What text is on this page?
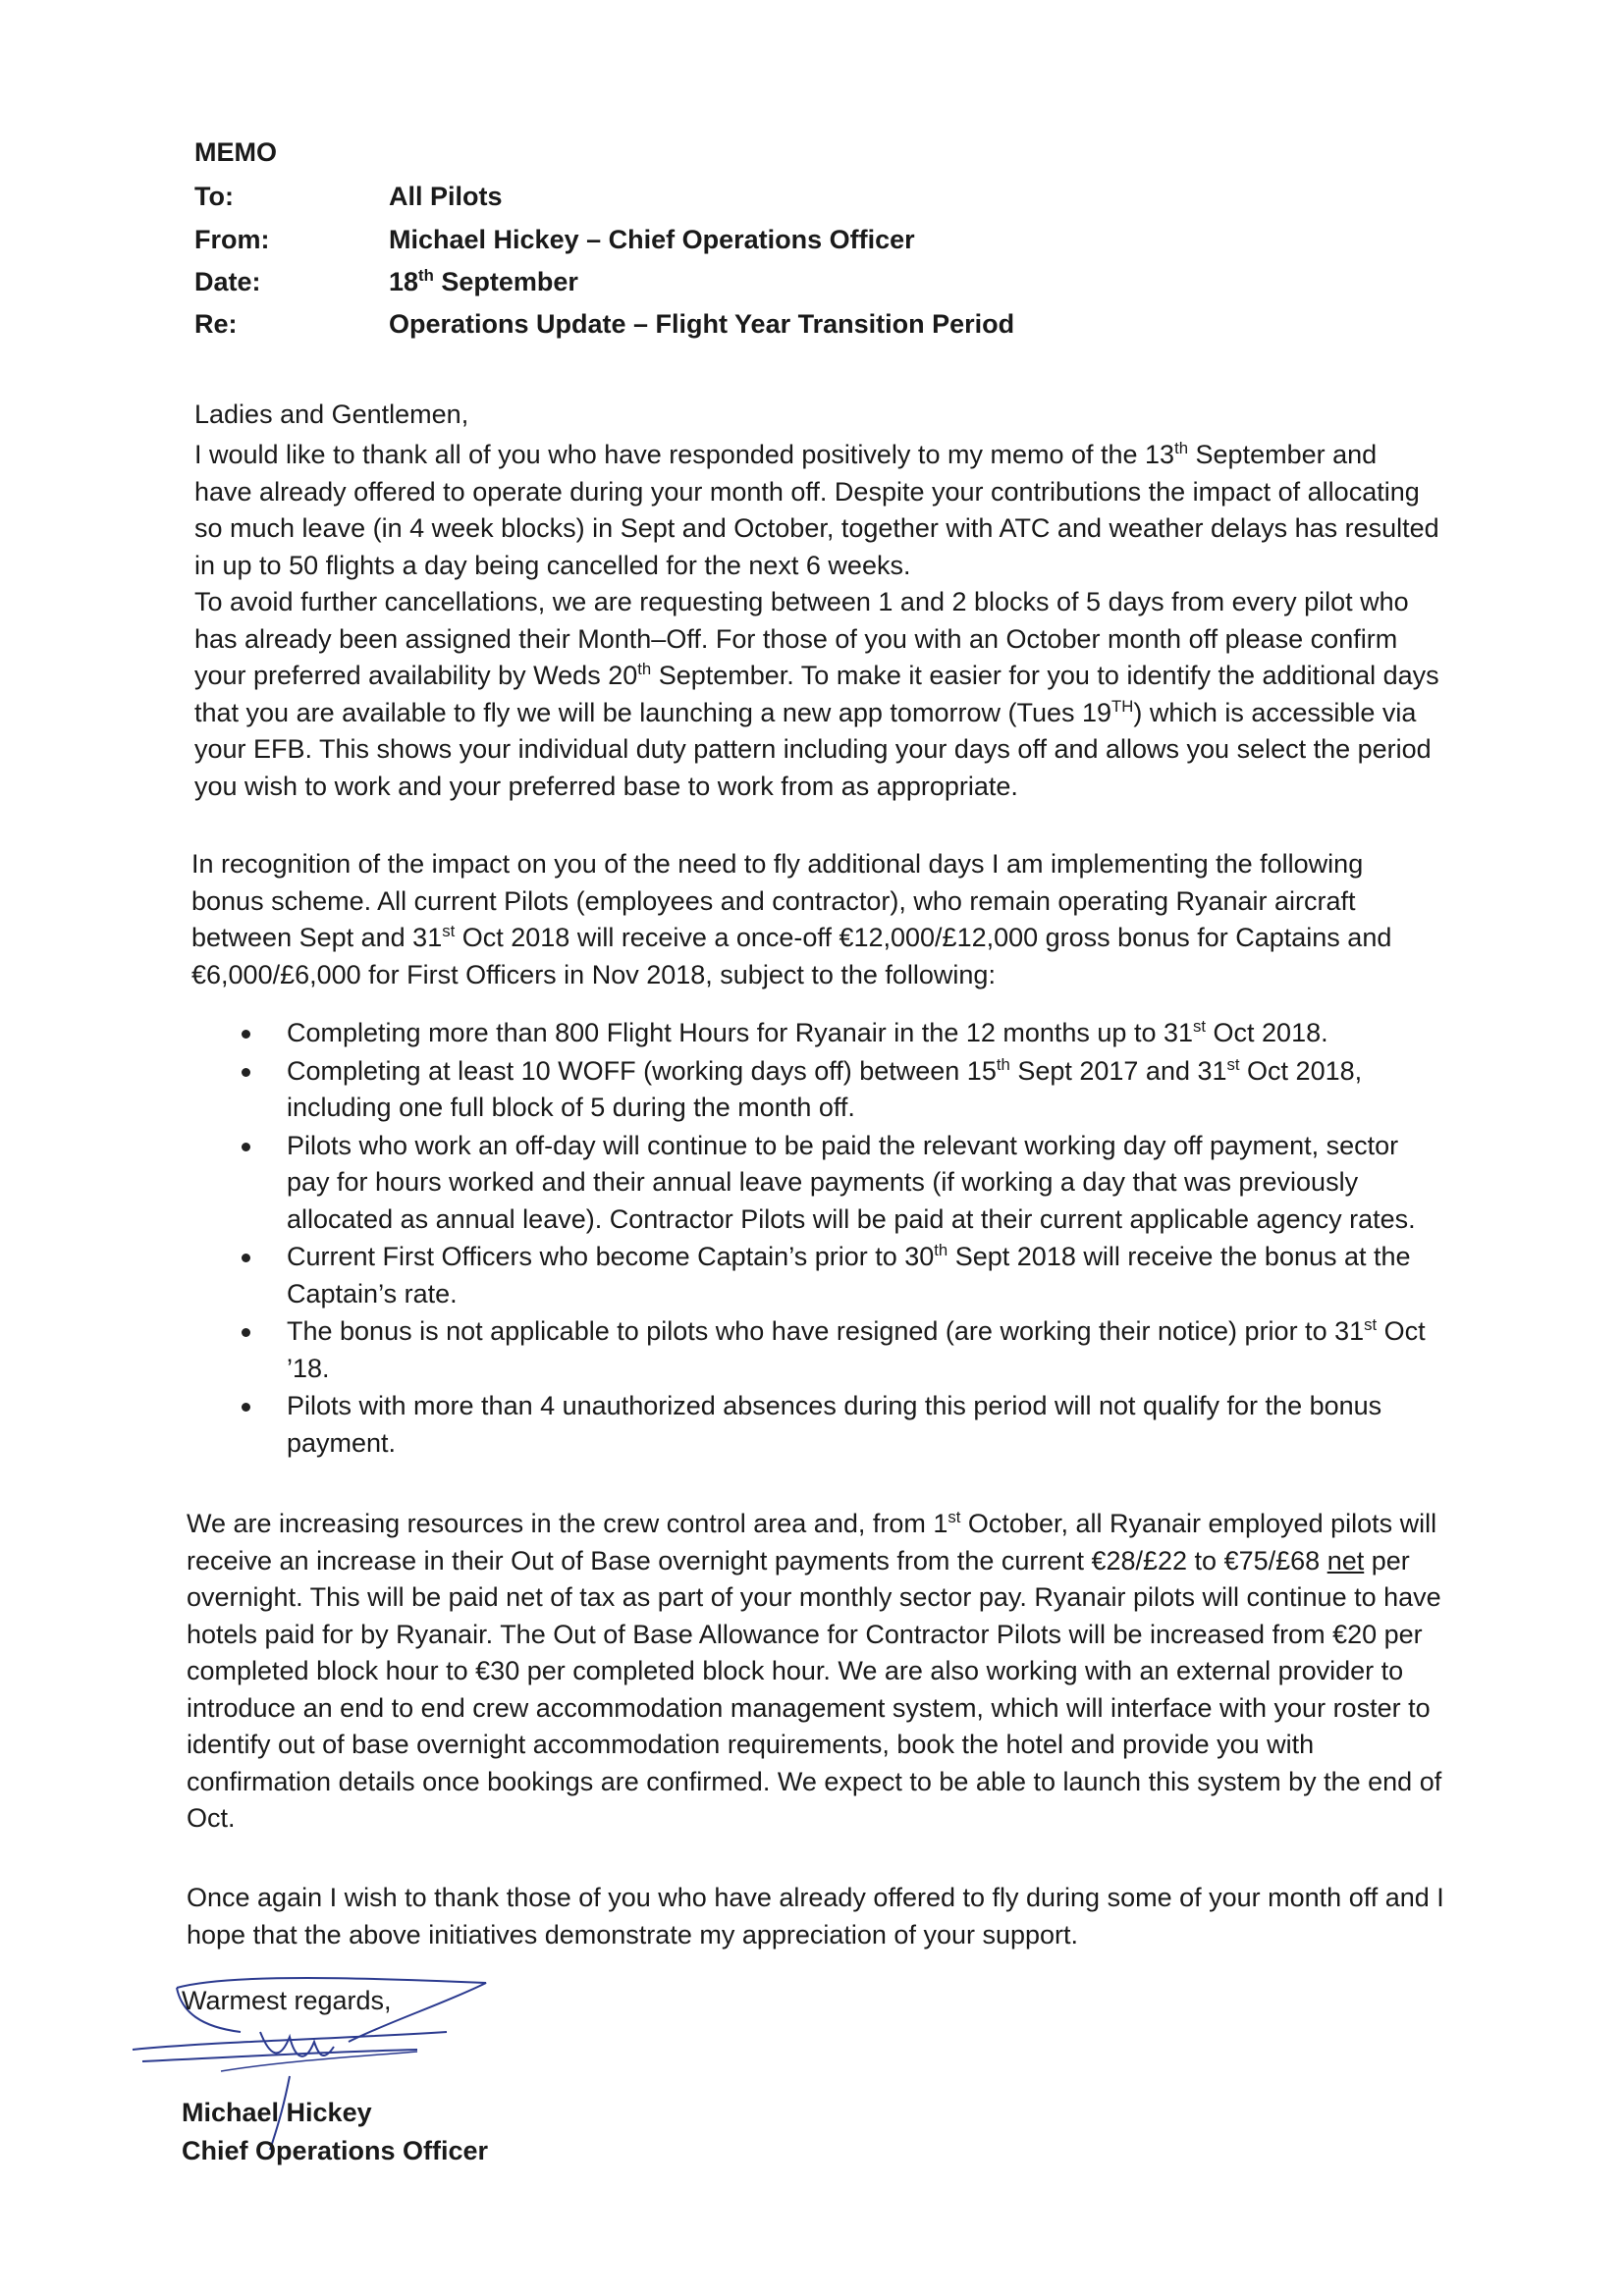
MEMO
To:	All Pilots
From:	Michael Hickey – Chief Operations Officer
Date:	18th September
Re:	Operations Update – Flight Year Transition Period
Ladies and Gentlemen,
I would like to thank all of you who have responded positively to my memo of the 13th September and have already offered to operate during your month off. Despite your contributions the impact of allocating so much leave (in 4 week blocks) in Sept and October, together with ATC and weather delays has resulted in up to 50 flights a day being cancelled for the next 6 weeks.
To avoid further cancellations, we are requesting between 1 and 2 blocks of 5 days from every pilot who has already been assigned their Month–Off. For those of you with an October month off please confirm your preferred availability by Weds 20th September. To make it easier for you to identify the additional days that you are available to fly we will be launching a new app tomorrow (Tues 19TH) which is accessible via your EFB. This shows your individual duty pattern including your days off and allows you select the period you wish to work and your preferred base to work from as appropriate.
In recognition of the impact on you of the need to fly additional days I am implementing the following bonus scheme. All current Pilots (employees and contractor), who remain operating Ryanair aircraft between Sept and 31st Oct 2018 will receive a once-off €12,000/£12,000 gross bonus for Captains and €6,000/£6,000 for First Officers in Nov 2018, subject to the following:
Completing more than 800 Flight Hours for Ryanair in the 12 months up to 31st Oct 2018.
Completing at least 10 WOFF (working days off) between 15th Sept 2017 and 31st Oct 2018, including one full block of 5 during the month off.
Pilots who work an off-day will continue to be paid the relevant working day off payment, sector pay for hours worked and their annual leave payments (if working a day that was previously allocated as annual leave). Contractor Pilots will be paid at their current applicable agency rates.
Current First Officers who become Captain’s prior to 30th Sept 2018 will receive the bonus at the Captain’s rate.
The bonus is not applicable to pilots who have resigned (are working their notice) prior to 31st Oct ’18.
Pilots with more than 4 unauthorized absences during this period will not qualify for the bonus payment.
We are increasing resources in the crew control area and, from 1st October, all Ryanair employed pilots will receive an increase in their Out of Base overnight payments from the current €28/£22 to €75/£68 net per overnight. This will be paid net of tax as part of your monthly sector pay. Ryanair pilots will continue to have hotels paid for by Ryanair. The Out of Base Allowance for Contractor Pilots will be increased from €20 per completed block hour to €30 per completed block hour. We are also working with an external provider to introduce an end to end crew accommodation management system, which will interface with your roster to identify out of base overnight accommodation requirements, book the hotel and provide you with confirmation details once bookings are confirmed. We expect to be able to launch this system by the end of Oct.
Once again I wish to thank those of you who have already offered to fly during some of your month off and I hope that the above initiatives demonstrate my appreciation of your support.
Warmest regards,
Michael Hickey
Chief Operations Officer
